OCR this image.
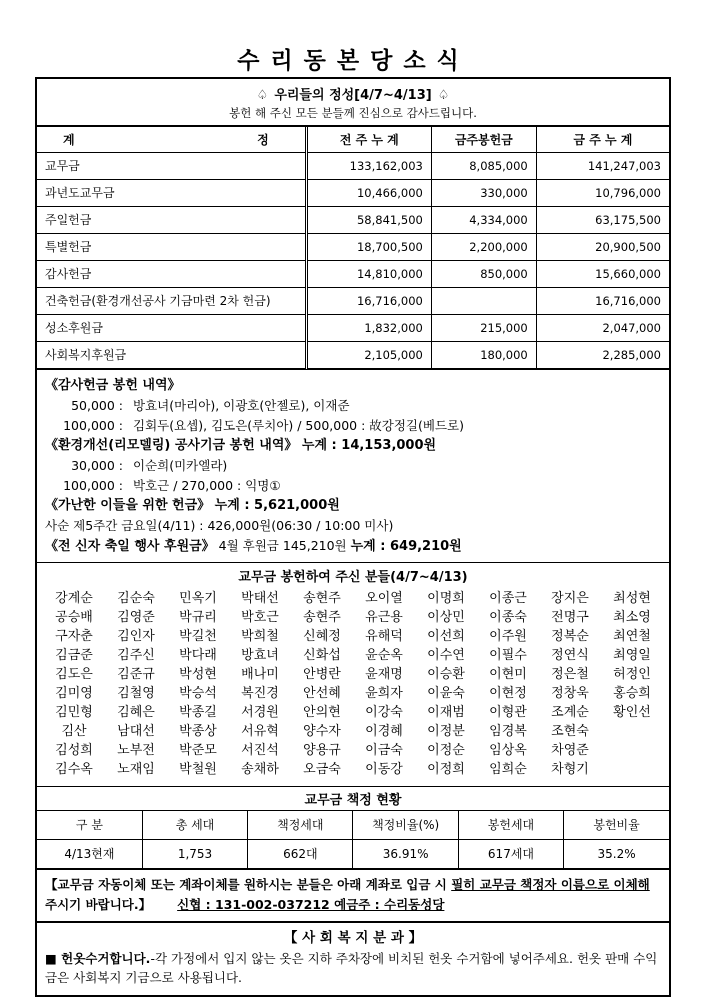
수리동본당소식
♤ 우리들의 정성[4/7~4/13] ♤
봉헌 해 주신 모든 분들께 진심으로 감사드립니다.
계 정	전 주 누 계	금주봉헌금	금 주 누 계
교무금	133,162,003	8,085,000	141,247,003
과년도교무금	10,466,000	330,000	10,796,000
주일헌금	58,841,500	4,334,000	63,175,500
특별헌금	18,700,500	2,200,000	20,900,500
감사헌금	14,810,000	850,000	15,660,000
건축헌금(환경개선공사 기금마련 2차 헌금)	16,716,000		16,716,000
성소후원금	1,832,000	215,000	2,047,000
사회복지후원금	2,105,000	180,000	2,285,000
《감사헌금 봉헌 내역》
50,000 : 방효녀(마리아), 이광호(안젤로), 이재준
100,000 : 김회두(요셉), 김도은(루치아) / 500,000 : 故강정길(베드로)
《환경개선(리모델링) 공사기금 봉헌 내역》 누계 : 14,153,000원
30,000 : 이순희(미카엘라)
100,000 : 박호근 / 270,000 : 익명①
《가난한 이들을 위한 헌금》 누계 : 5,621,000원
사순 제5주간 금요일(4/11) : 426,000원(06:30 / 10:00 미사)
《전 신자 축일 행사 후원금》 4월 후원금 145,210원 누계 : 649,210원
교무금 봉헌하여 주신 분들(4/7~4/13)
강계순	김순숙	민옥기	박태선	송현주	오이열	이명희	이종근	장지은	최성현
공승배	김영준	박규리	박호근	송현주	유근용	이상민	이종숙	전명구	최소영
구자춘	김인자	박길천	박희철	신혜정	유해덕	이선희	이주원	정복순	최연철
김금준	김주신	박다래	방효녀	신화섭	윤순옥	이수연	이필수	정연식	최영일
김도은	김준규	박성현	배나미	안병란	윤재명	이승환	이현미	정은철	허정인
김미영	김철영	박승석	복진경	안선혜	윤희자	이윤숙	이현정	정창욱	홍승희
김민형	김혜은	박종길	서경원	안의현	이강숙	이재범	이형관	조계순	황인선
김산	남대선	박종상	서유혁	양수자	이경혜	이정분	임경복	조현숙
김성희	노부전	박준모	서진석	양용규	이금숙	이정순	임상옥	차영준
김수옥	노재임	박철원	송채하	오금숙	이동강	이정희	임희순	차형기
교무금 책정 현황					
구 분	총 세대	책정세대	책정비율(%)	봉헌세대	봉헌비율
4/13현재	1,753	662대	36.91%	617세대	35.2%
【교무금 자동이체 또는 계좌이체를 원하시는 분들은 아래 계좌로 입금 시 필히 교무금 책정자 이름으로 이체해 주시기 바랍니다.】 신협 : 131-002-037212 예금주 : 수리동성당
【 사 회 복 지 분 과 】
■ 헌옷수거합니다.-각 가정에서 입지 않는 옷은 지하 주차장에 비치된 헌옷 수거함에 넣어주세요. 헌옷 판매 수익금은 사회복지 기금으로 사용됩니다.
